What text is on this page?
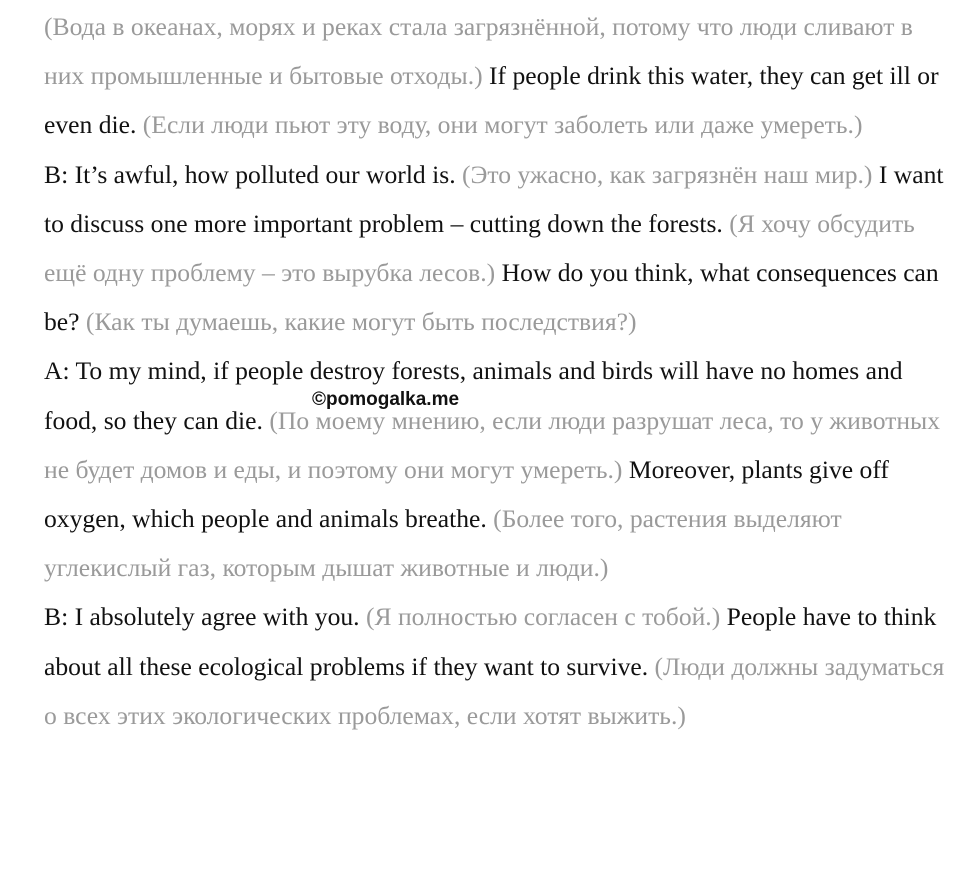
(Вода в океанах, морях и реках стала загрязнённой, потому что люди сливают в них промышленные и бытовые отходы.) If people drink this water, they can get ill or even die. (Если люди пьют эту воду, они могут заболеть или даже умереть.)

B: It’s awful, how polluted our world is. (Это ужасно, как загрязнён наш мир.) I want to discuss one more important problem – cutting down the forests. (Я хочу обсудить ещё одну проблему – это вырубка лесов.) How do you think, what consequences can be? (Как ты думаешь, какие могут быть последствия?)

A: To my mind, if people destroy forests, animals and birds will have no homes and food, so they can die. (По моему мнению, если люди разрушат леса, то у животных не будет домов и еды, и поэтому они могут умереть.) Moreover, plants give off oxygen, which people and animals breathe. (Более того, растения выделяют углекислый газ, которым дышат животные и люди.)

B: I absolutely agree with you. (Я полностью согласен с тобой.) People have to think about all these ecological problems if they want to survive. (Люди должны задуматься о всех этих экологических проблемах, если хотят выжить.)

©pomogalka.me
